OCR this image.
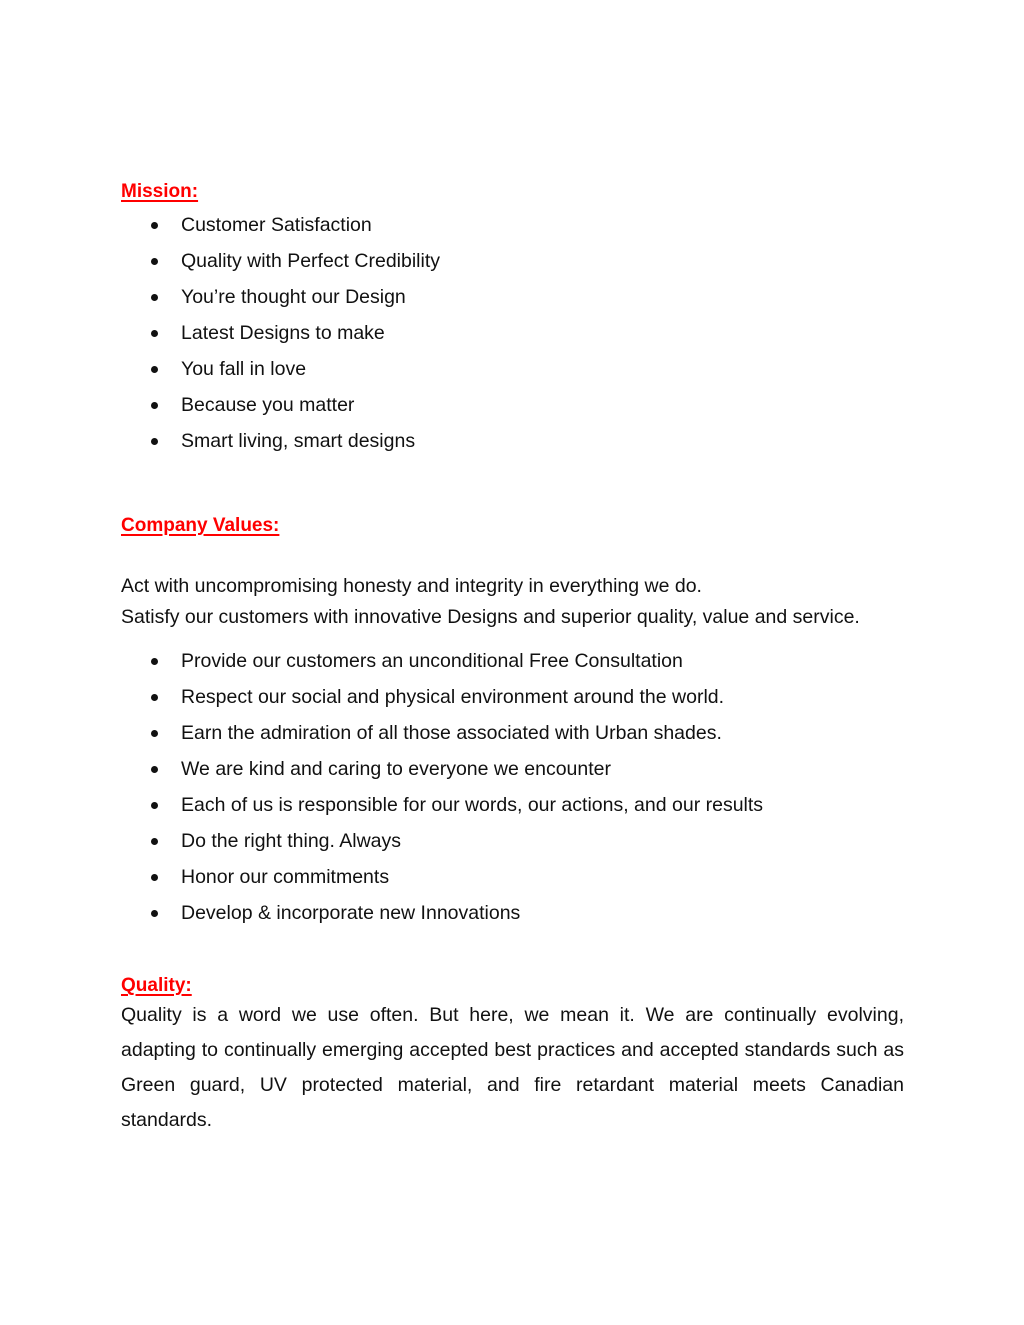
Mission:
Customer Satisfaction
Quality with Perfect Credibility
You’re thought our Design
Latest Designs to make
You fall in love
Because you matter
Smart living, smart designs
Company Values:

Act with uncompromising honesty and integrity in everything we do.

Satisfy our customers with innovative Designs and superior quality, value and service.

Provide our customers an unconditional Free Consultation
Respect our social and physical environment around the world.
Earn the admiration of all those associated with Urban shades.
We are kind and caring to everyone we encounter
Each of us is responsible for our words, our actions, and our results
Do the right thing. Always
Honor our commitments
Develop & incorporate new Innovations
Quality:

Quality is a word we use often. But here, we mean it. We are continually evolving, adapting to continually emerging accepted best practices and accepted standards such as Green guard, UV protected material, and fire retardant material meets Canadian standards.
